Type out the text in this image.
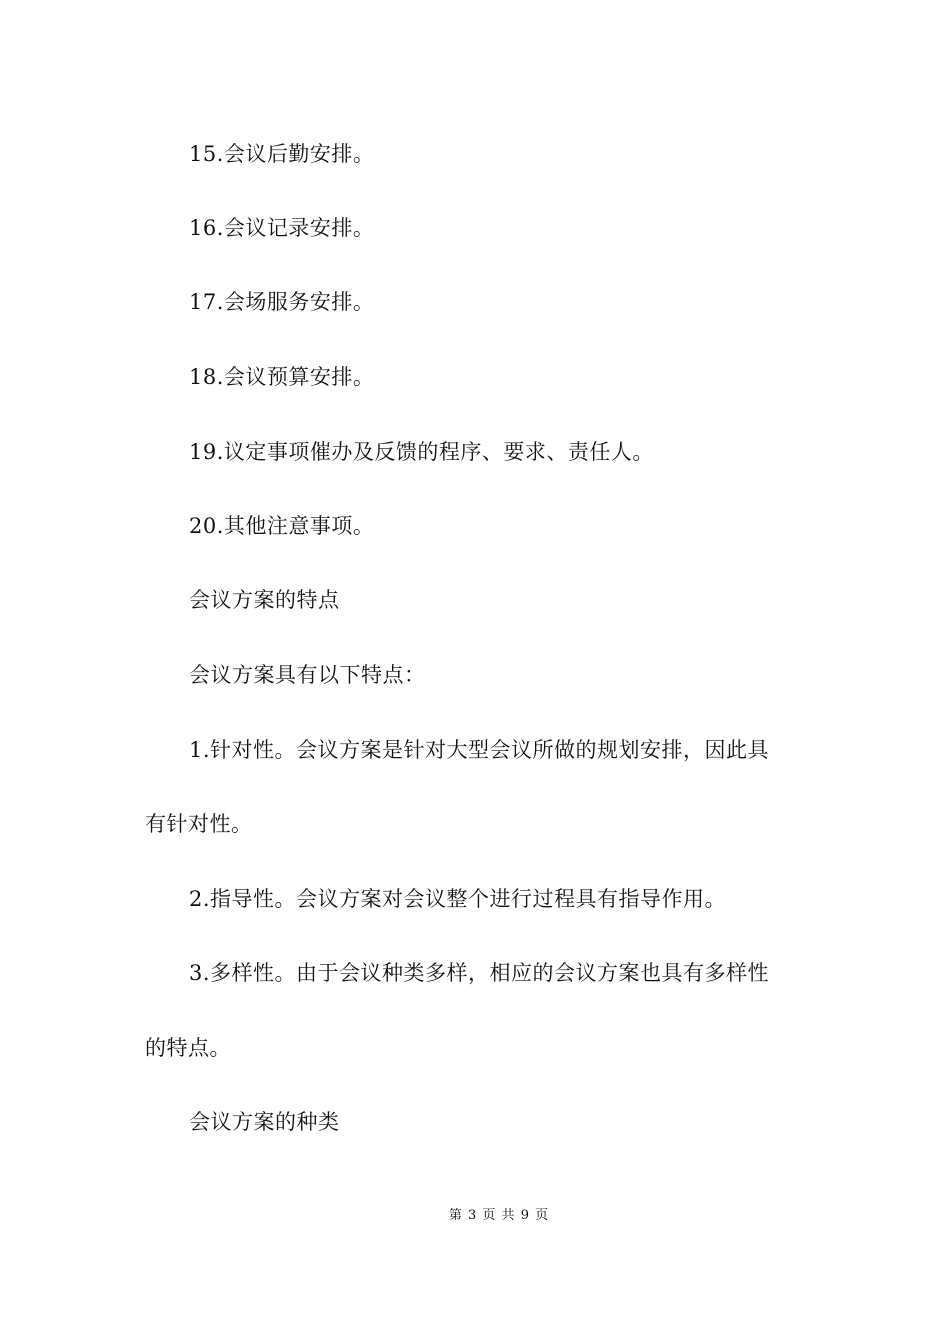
15.会议后勤安排。
16.会议记录安排。
17.会场服务安排。
18.会议预算安排。
19.议定事项催办及反馈的程序、要求、责任人。
20.其他注意事项。
会议方案的特点
会议方案具有以下特点：
1.针对性。会议方案是针对大型会议所做的规划安排，因此具
有针对性。
2.指导性。会议方案对会议整个进行过程具有指导作用。
3.多样性。由于会议种类多样，相应的会议方案也具有多样性
的特点。
会议方案的种类
第 3 页 共 9 页
